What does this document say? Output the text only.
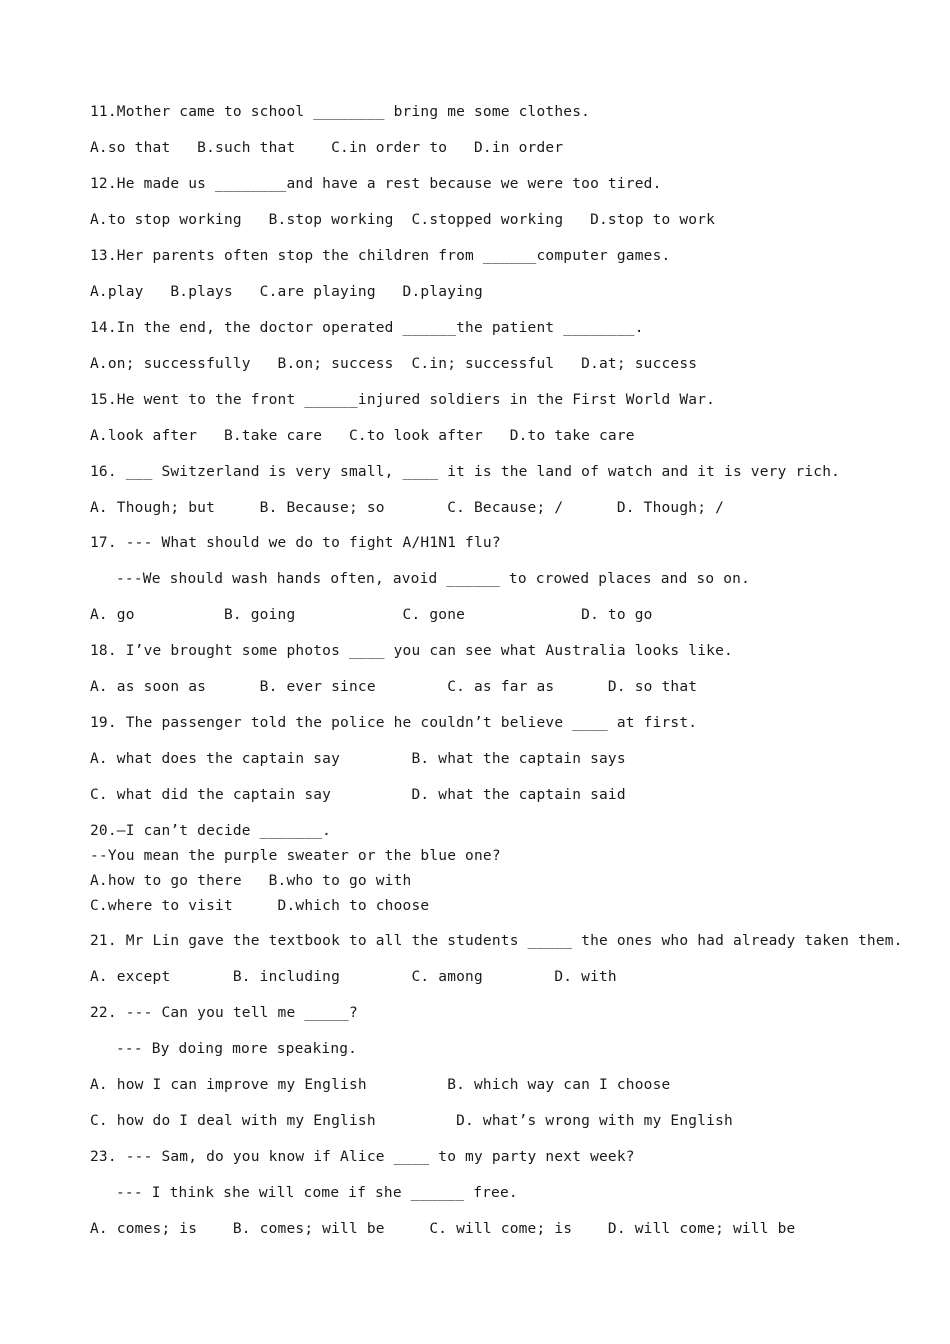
11.Mother came to school ________ bring me some clothes.
A.so that   B.such that    C.in order to   D.in order
12.He made us ________and have a rest because we were too tired.
A.to stop working   B.stop working  C.stopped working   D.stop to work
13.Her parents often stop the children from ______computer games.
A.play   B.plays   C.are playing   D.playing
14.In the end, the doctor operated ______the patient ________.
A.on; successfully   B.on; success  C.in; successful   D.at; success
15.He went to the front ______injured soldiers in the First World War.
A.look after   B.take care   C.to look after   D.to take care
16. ___ Switzerland is very small, ____ it is the land of watch and it is very rich.
A. Though; but     B. Because; so       C. Because; /      D. Though; /
17. --- What should we do to fight A/H1N1 flu?
---We should wash hands often, avoid ______ to crowed places and so on.
A. go          B. going            C. gone             D. to go
18. I’ve brought some photos ____ you can see what Australia looks like.
A. as soon as      B. ever since        C. as far as      D. so that
19. The passenger told the police he couldn’t believe ____ at first.
A. what does the captain say        B. what the captain says
C. what did the captain say         D. what the captain said
20.—I can’t decide _______.
--You mean the purple sweater or the blue one?
A.how to go there   B.who to go with
C.where to visit     D.which to choose
21. Mr Lin gave the textbook to all the students _____ the ones who had already taken them.
A. except       B. including        C. among        D. with
22. --- Can you tell me _____?
--- By doing more speaking.
A. how I can improve my English         B. which way can I choose
C. how do I deal with my English         D. what’s wrong with my English
23. --- Sam, do you know if Alice ____ to my party next week?
--- I think she will come if she ______ free.
A. comes; is    B. comes; will be     C. will come; is    D. will come; will be
